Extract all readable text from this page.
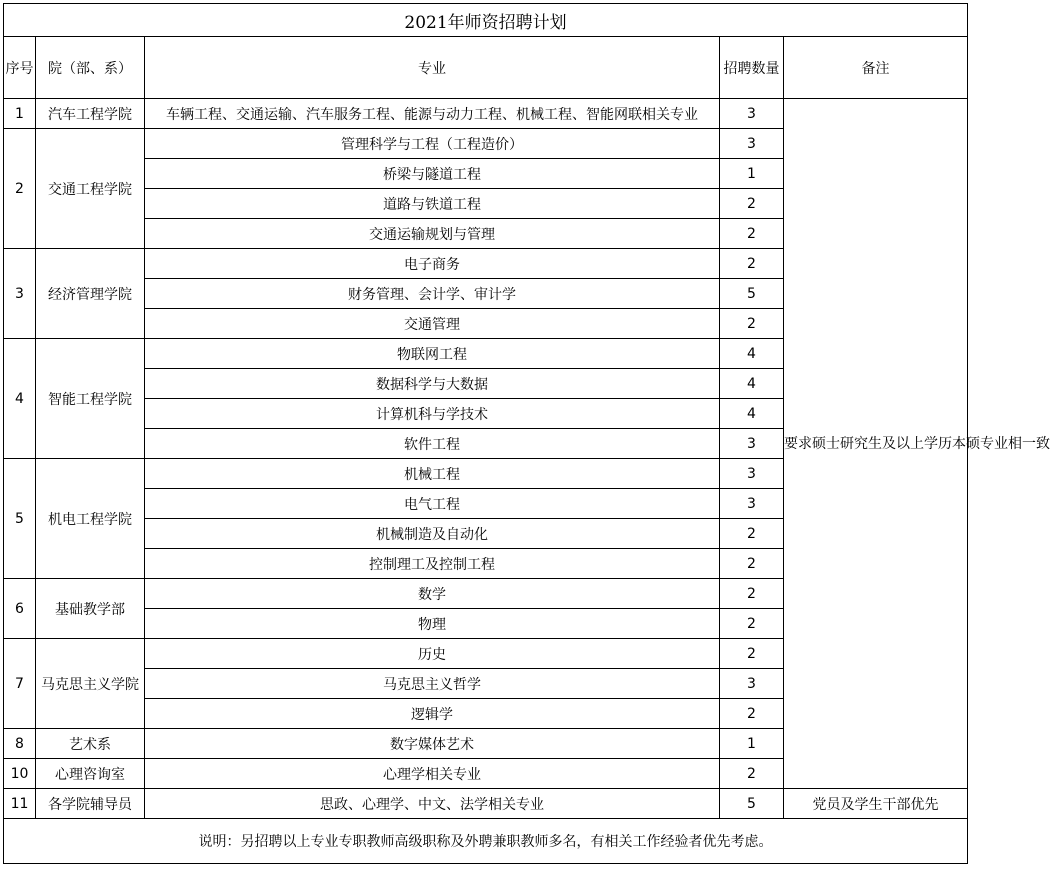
2021年师资招聘计划				
序号	院（部、系）	专业	招聘数量	备注
1	汽车工程学院	车辆工程、交通运输、汽车服务工程、能源与动力工程、机械工程、智能网联相关专业	3	要求硕士研究生及以上学历本硕专业相一致
2	交通工程学院	管理科学与工程（工程造价）	3	
		桥梁与隧道工程	1	
		道路与铁道工程	2	
		交通运输规划与管理	2	
3	经济管理学院	电子商务	2	
		财务管理、会计学、审计学	5	
		交通管理	2	
4	智能工程学院	物联网工程	4	
		数据科学与大数据	4	
		计算机科与学技术	4	
		软件工程	3	
5	机电工程学院	机械工程	3	
		电气工程	3	
		机械制造及自动化	2	
		控制理工及控制工程	2	
6	基础教学部	数学	2	
		物理	2	
7	马克思主义学院	历史	2	
		马克思主义哲学	3	
		逻辑学	2	
8	艺术系	数字媒体艺术	1	
10	心理咨询室	心理学相关专业	2	
11	各学院辅导员	思政、心理学、中文、法学相关专业	5	党员及学生干部优先
说明：另招聘以上专业专职教师高级职称及外聘兼职教师多名，有相关工作经验者优先考虑。				
